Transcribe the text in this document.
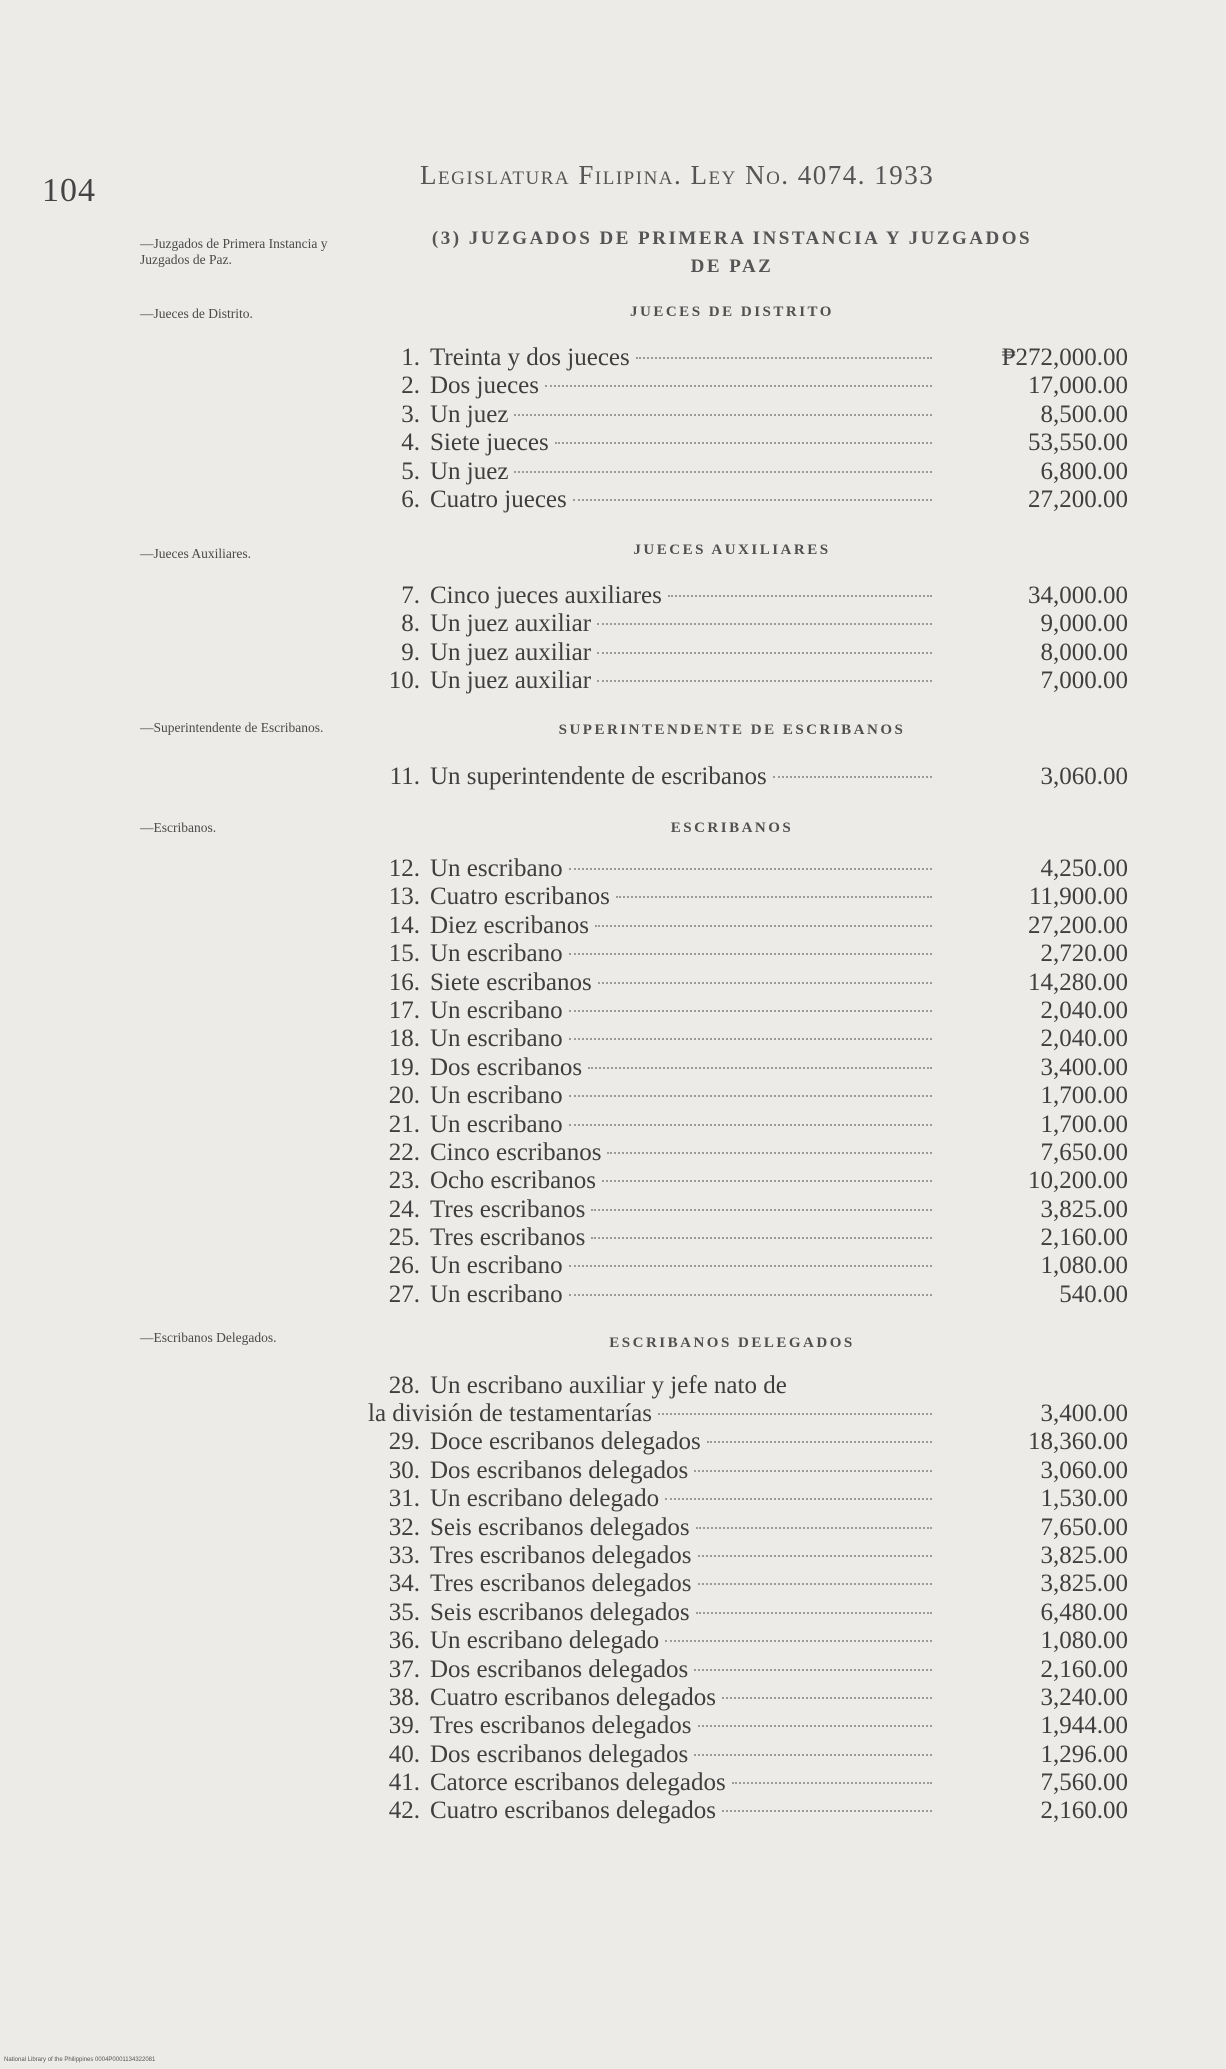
104	Legislatura Filipina. Ley No. 4074. 1933
(3) JUZGADOS DE PRIMERA INSTANCIA Y JUZGADOS
DE PAZ
—Juzgados de Primera Instancia y Juzgados de Paz.
—Jueces de Distrito.
—Jueces Auxiliares.
—Superintendente de Escribanos.
—Escribanos.
—Escribanos Delegados.
JUECES DE DISTRITO
JUECES AUXILIARES
SUPERINTENDENTE DE ESCRIBANOS
ESCRIBANOS
ESCRIBANOS DELEGADOS
1. Treinta y dos jueces	₱272,000.00
2. Dos jueces	17,000.00
3. Un juez	8,500.00
4. Siete jueces	53,550.00
5. Un juez	6,800.00
6. Cuatro jueces	27,200.00
7. Cinco jueces auxiliares	34,000.00
8. Un juez auxiliar	9,000.00
9. Un juez auxiliar	8,000.00
10. Un juez auxiliar	7,000.00
11. Un superintendente de escribanos	3,060.00
12. Un escribano	4,250.00
13. Cuatro escribanos	11,900.00
14. Diez escribanos	27,200.00
15. Un escribano	2,720.00
16. Siete escribanos	14,280.00
17. Un escribano	2,040.00
18. Un escribano	2,040.00
19. Dos escribanos	3,400.00
20. Un escribano	1,700.00
21. Un escribano	1,700.00
22. Cinco escribanos	7,650.00
23. Ocho escribanos	10,200.00
24. Tres escribanos	3,825.00
25. Tres escribanos	2,160.00
26. Un escribano	1,080.00
27. Un escribano	540.00
28. Un escribano auxiliar y jefe nato de
la división de testamentarías	3,400.00
29. Doce escribanos delegados	18,360.00
30. Dos escribanos delegados	3,060.00
31. Un escribano delegado	1,530.00
32. Seis escribanos delegados	7,650.00
33. Tres escribanos delegados	3,825.00
34. Tres escribanos delegados	3,825.00
35. Seis escribanos delegados	6,480.00
36. Un escribano delegado	1,080.00
37. Dos escribanos delegados	2,160.00
38. Cuatro escribanos delegados	3,240.00
39. Tres escribanos delegados	1,944.00
40. Dos escribanos delegados	1,296.00
41. Catorce escribanos delegados	7,560.00
42. Cuatro escribanos delegados	2,160.00
National Library of the Philippines 0004P0001134322081
